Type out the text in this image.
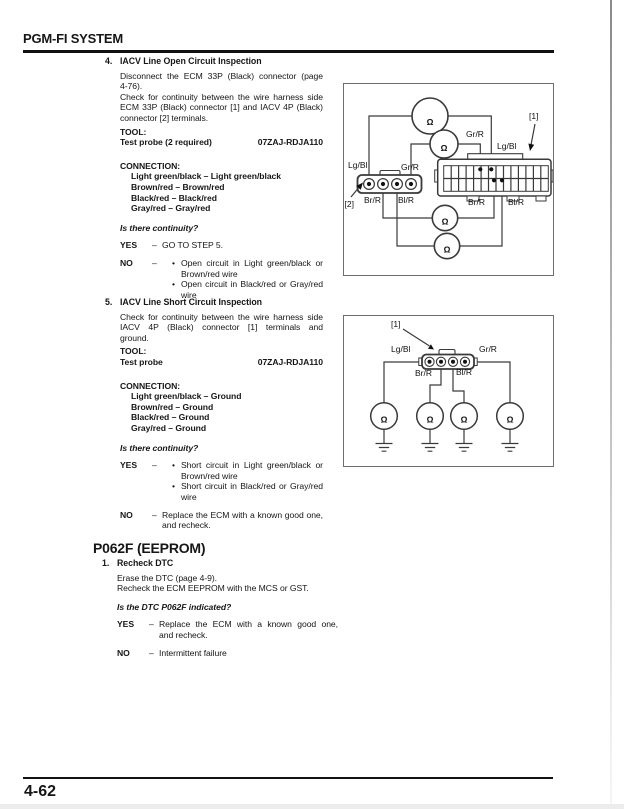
PGM-FI SYSTEM
4. IACV Line Open Circuit Inspection
Disconnect the ECM 33P (Black) connector (page
4-76).
Check for continuity between the wire harness side
ECM 33P (Black) connector [1] and IACV 4P (Black)
connector [2] terminals.

TOOL:

Test probe (2 required)	07ZAJ-RDJA110

CONNECTION:

Light green/black – Light green/black
Brown/red – Brown/red
Black/red – Black/red
Gray/red – Gray/red

Is there continuity?

YES	– GO TO STEP 5.
NO	–	• Open circuit in Light green/black or
Brown/red wire
• Open circuit in Black/red or Gray/red
wire
Ω
Ω
Ω
Ω
Gr/R
Lg/Bl
[1]
Lg/Bl	Gr/R
[2] Br/R Bl/R	Br/R	Bl/R
5. IACV Line Short Circuit Inspection
Check for continuity between the wire harness side
IACV 4P (Black) connector [1] terminals and
ground.

TOOL:

Test probe	07ZAJ-RDJA110

CONNECTION:

Light green/black – Ground
Brown/red – Ground
Black/red – Ground
Gray/red – Ground

Is there continuity?

YES	–	• Short circuit in Light green/black or
Brown/red wire
• Short circuit in Black/red or Gray/red
wire
NO	– Replace the ECM with a known good one,
and recheck.
Ω	Ω	Ω	Ω
[1]
Lg/Bl	Gr/R
Br/R	Bl/R
P062F (EEPROM)
1. Recheck DTC

Erase the DTC (page 4-9).

Recheck the ECM EEPROM with the MCS or GST.

Is the DTC P062F indicated?

YES	– Replace the ECM with a known good one,
and recheck.
NO	– Intermittent failure
4-62
